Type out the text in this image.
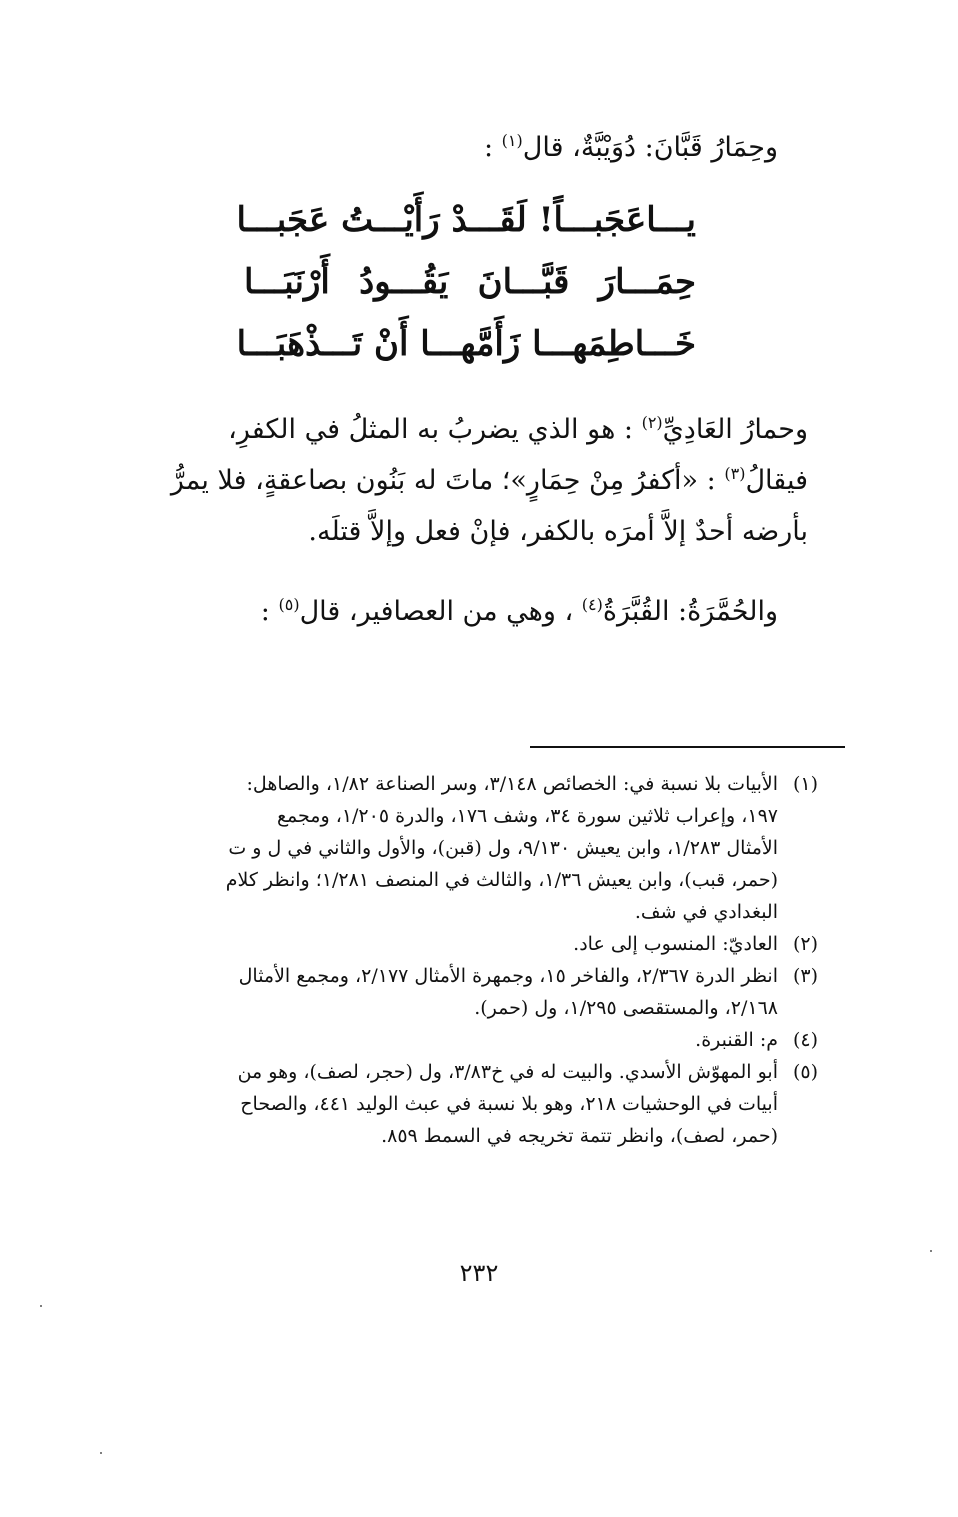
وحِمَارُ قَبَّانَ: دُوَيْبَّةٌ، قال$^{(١)}$ :
يـــاعَجَبـــاً! لَقَـــدْ رَأَيْـــتُ عَجَبـــا
حِمَـــارَ قَبَّـــانَ يَقُـــودُ أَرْنَبَـــا
خَـــاطِمَهـــا زَأَمَّهـــا أَنْ تَـــذْهَبَـــا
وحمارُ العَادِيِّ$^{(٢)}$ : هو الذي يضربُ به المثلُ في الكفرِ،
فيقالُ$^{(٣)}$ : «أكفرُ مِنْ حِمَارٍ»؛ ماتَ له بَنُون بصاعقةٍ، فلا يمرُّ
بأرضه أحدٌ إلاَّ أمرَه بالكفر، فإنْ فعل وإلاَّ قتلَه.
والحُمَّرَةُ: القُبَّرَةُ$^{(٤)}$ ، وهي من العصافير، قال$^{(٥)}$ :
(١)
الأبيات بلا نسبة في: الخصائص ٣/١٤٨، وسر الصناعة ١/٨٢، والصاهل:
١٩٧، وإعراب ثلاثين سورة ٣٤، وشف ١٧٦، والدرة ١/٢٠٥، ومجمع
الأمثال ١/٢٨٣، وابن يعيش ٩/١٣٠، ول (قبن)، والأول والثاني في ل و ت
(حمر، قبب)، وابن يعيش ١/٣٦، والثالث في المنصف ١/٢٨١؛ وانظر كلام
البغدادي في شف.
(٢)
العاديّ: المنسوب إلى عاد.
(٣)
انظر الدرة ٢/٣٦٧، والفاخر ١٥، وجمهرة الأمثال ٢/١٧٧، ومجمع الأمثال
٢/١٦٨، والمستقصى ١/٢٩٥، ول (حمر).
(٤)
م: القنبرة.
(٥)
أبو المهوّش الأسدي. والبيت له في خ٣/٨٣، ول (حجر، لصف)، وهو من
أبيات في الوحشيات ٢١٨، وهو بلا نسبة في عبث الوليد ٤٤١، والصحاح
(حمر، لصف)، وانظر تتمة تخريجه في السمط ٨٥٩.
٢٣٢
